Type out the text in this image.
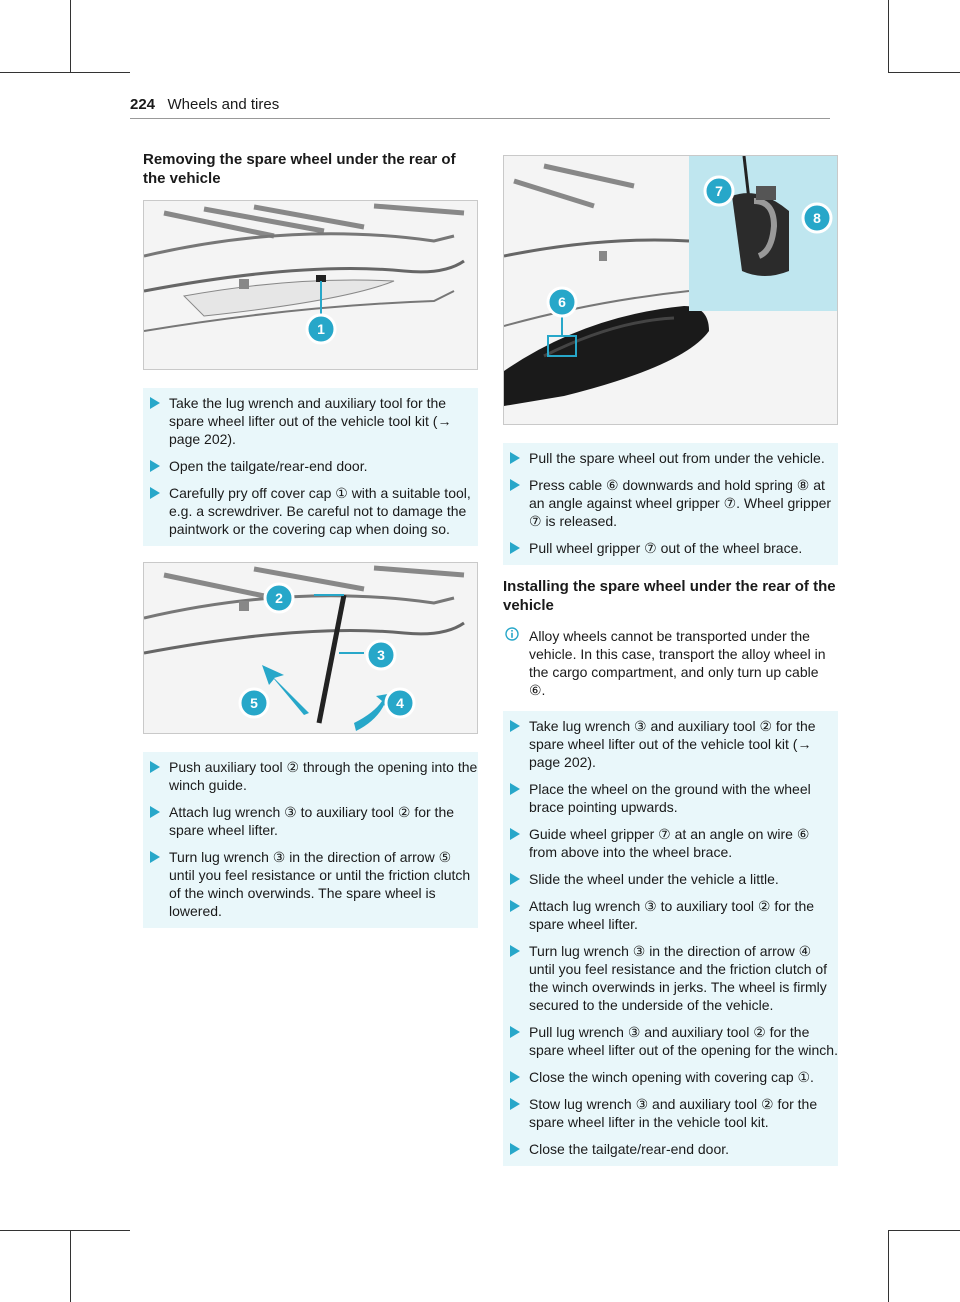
224 Wheels and tires
Removing the spare wheel under the rear of the vehicle
1
Take the lug wrench and auxiliary tool for the spare wheel lifter out of the vehicle tool kit (→ page 202).
Open the tailgate/rear-end door.
Carefully pry off cover cap ① with a suitable tool, e.g. a screwdriver. Be careful not to damage the paintwork or the covering cap when doing so.
2
3
4
5
Push auxiliary tool ② through the opening into the winch guide.
Attach lug wrench ③ to auxiliary tool ② for the spare wheel lifter.
Turn lug wrench ③ in the direction of arrow ⑤ until you feel resistance or until the friction clutch of the winch overwinds. The spare wheel is lowered.
7
8
6
Pull the spare wheel out from under the vehicle.
Press cable ⑥ downwards and hold spring ⑧ at an angle against wheel gripper ⑦. Wheel gripper ⑦ is released.
Pull wheel gripper ⑦ out of the wheel brace.
Installing the spare wheel under the rear of the vehicle
Alloy wheels cannot be transported under the vehicle. In this case, transport the alloy wheel in the cargo compartment, and only turn up cable ⑥.
Take lug wrench ③ and auxiliary tool ② for the spare wheel lifter out of the vehicle tool kit (→ page 202).
Place the wheel on the ground with the wheel brace pointing upwards.
Guide wheel gripper ⑦ at an angle on wire ⑥ from above into the wheel brace.
Slide the wheel under the vehicle a little.
Attach lug wrench ③ to auxiliary tool ② for the spare wheel lifter.
Turn lug wrench ③ in the direction of arrow ④ until you feel resistance and the friction clutch of the winch overwinds in jerks. The wheel is firmly secured to the underside of the vehicle.
Pull lug wrench ③ and auxiliary tool ② for the spare wheel lifter out of the opening for the winch.
Close the winch opening with covering cap ①.
Stow lug wrench ③ and auxiliary tool ② for the spare wheel lifter in the vehicle tool kit.
Close the tailgate/rear-end door.
